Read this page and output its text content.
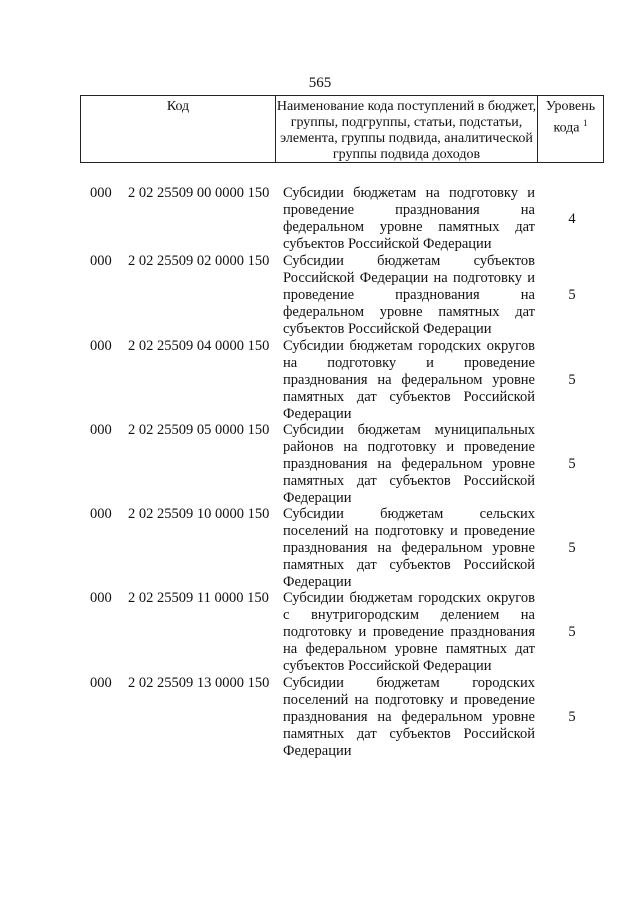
565
Код	Наименование кода поступлений в бюджет, группы, подгруппы, статьи, подстатьи, элемента, группы подвида, аналитической группы подвида доходов
Уровень кода $^1$
000 2 02 25509 00 0000 150 Субсидии бюджетам на подготовку и проведение празднования на федеральном уровне памятных дат субъектов Российской Федерации
4
000 2 02 25509 02 0000 150 Субсидии бюджетам субъектов Российской Федерации на подготовку и проведение празднования на федеральном уровне памятных дат субъектов Российской Федерации
5
000 2 02 25509 04 0000 150 Субсидии бюджетам городских округов на подготовку и проведение празднования на федеральном уровне памятных дат субъектов Российской Федерации
5
000 2 02 25509 05 0000 150 Субсидии бюджетам муниципальных районов на подготовку и проведение празднования на федеральном уровне памятных дат субъектов Российской Федерации
5
000 2 02 25509 10 0000 150 Субсидии бюджетам сельских поселений на подготовку и проведение празднования на федеральном уровне памятных дат субъектов Российской Федерации
5
000 2 02 25509 11 0000 150 Субсидии бюджетам городских округов с внутригородским делением на подготовку и проведение празднования на федеральном уровне памятных дат субъектов Российской Федерации
5
000 2 02 25509 13 0000 150 Субсидии бюджетам городских поселений на подготовку и проведение празднования на федеральном уровне памятных дат субъектов Российской Федерации
5
